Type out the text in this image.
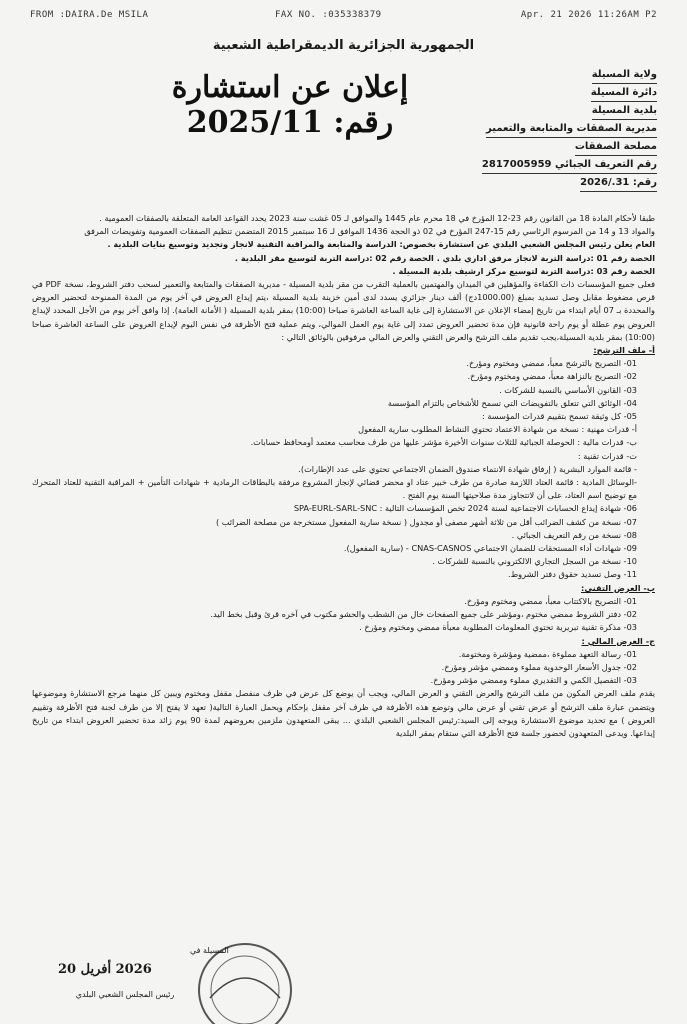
FROM :DAIRA.De MSILA	FAX NO. :035338379	Apr. 21 2026 11:26AM P2
الجمهورية الجزائرية الديمقراطية الشعبية
ولاية المسيلة
دائرة المسيلة
بلدية المسيلة
مديرية الصفقات والمتابعة والتعمير
مصلحة الصفقات
رقم التعريف الجبائي 2817005959
رقم: 31./2026
إعلان عن استشارة رقم: 2025/11

طبقا لأحكام المادة 18 من القانون رقم 23-12 المؤرخ في 18 محرم عام 1445 والموافق لـ 05 غشت سنة 2023 يحدد القواعد العامة المتعلقة بالصفقات العمومية .

والمواد 13 و 14 من المرسوم الرئاسي رقم 15-247 المؤرخ في 02 ذو الحجة 1436 الموافق لـ 16 سبتمبر 2015 المتضمن تنظيم الصفقات العمومية وتفويضات المرفق

العام يعلن رئيس المجلس الشعبي البلدي عن استشارة بخصوص: الدراسة والمتابعة والمراقبة التقنية لانجاز وتجديد وتوسيع بنايات البلدية .

الحصة رقم 01 :دراسة التربة لانجاز مرفق اداري بلدي . الحصة رقم 02 :دراسة التربة لتوسيع مقر البلدية .

الحصة رقم 03 :دراسة التربة لتوسيع مركز ارشيف بلدية المسيلة .

فعلى جميع المؤسسات ذات الكفاءة والمؤهلين في الميدان والمهتمين بالعملية التقرب من مقر بلدية المسيلة - مديرية الصفقات والمتابعة والتعمير لسحب دفتر الشروط، نسخة PDF في قرص مضغوط مقابل وصل تسديد بمبلغ (1000.00دج) ألف دينار جزائري يسدد لدى أمين خزينة بلدية المسيلة ،يتم إيداع العروض في آخر يوم من المدة الممنوحة لتحضير العروض والمحددة بـ 07 أيام ابتداء من تاريخ إمضاء الإعلان عن الاستشارة إلى غاية الساعة العاشرة صباحا (10:00) بمقر بلدية المسيلة ( الأمانة العامة). إذا وافق آخر يوم من الأجل المحدد لإيداع العروض يوم عطلة أو يوم راحة قانونية فإن مدة تحضير العروض تمدد إلى غاية يوم العمل الموالي، ويتم عملية فتح الأظرفة في نفس اليوم لإيداع العروض على الساعة العاشرة صباحا (10:00) بمقر بلدية المسيلة،يجب تقديم ملف الترشح والعرض التقني والعرض المالي مرفوقين بالوثائق التالي :

أ- ملف الترشح:

01- التصريح بالترشح معبأ، ممضي ومختوم ومؤرخ.

02- التصريح بالنزاهة معبأ، ممضي ومختوم ومؤرخ.

03- القانون الأساسي بالنسبة للشركات .

04- الوثائق التي تتعلق بالتفويضات التي تسمح للأشخاص بالتزام المؤسسة

05- كل وثيقة تسمح بتقييم قدرات المؤسسة :

أ- قدرات مهنية : نسخة من شهادة الاعتماد تحتوي النشاط المطلوب سارية المفعول

ب- قدرات مالية : الحوصلة الجبائية للثلاث سنوات الأخيرة مؤشر عليها من طرف محاسب معتمد أومحافظ حسابات.

ت- قدرات تقنية :

- قائمة الموارد البشرية ( إرفاق شهادة الانتماء صندوق الضمان الاجتماعي تحتوي على عدد الإطارات).

-الوسائل المادية : قائمة العتاد اللازمة صادرة من طرف خبير عتاد او محضر قضائي لإنجاز المشروع مرفقة بالبطاقات الرمادية + شهادات التأمين + المراقبة التقنية للعتاد المتحرك مع توضيح اسم العتاد، على أن لاتتجاوز مدة صلاحيتها السنة يوم الفتح .

06- شهادة إيداع الحسابات الاجتماعية لسنة 2024 تخص المؤسسات التالية : SPA-EURL-SARL-SNC

07- نسخة من كشف الضرائب أقل من ثلاثة أشهر مصفى أو مجدول ( نسخة سارية المفعول مستخرجة من مصلحة الضرائب )

08- نسخة من رقم التعريف الجبائي .

09- شهادات أداء المستحقات للضمان الاجتماعي CNAS-CASNOS - (سارية المفعول).

10- نسخة من السجل التجاري الالكتروني بالنسبة للشركات .

11- وصل تسديد حقوق دفتر الشروط.

ب- العرض التقني:

01- التصريح بالاكتتاب معبأ، ممضي ومختوم ومؤرخ.

02- دفتر الشروط ممضي مختوم ،ومؤشر على جميع الصفحات خال من الشطب والحشو مكتوب في آخره قرئ وقبل بخط اليد.

03- مذكرة تقنية تبريرية تحتوي المعلومات المطلوبة معبأة ممضي ومختوم ومؤرخ .

ج- العرض المالي :

01- رسالة التعهد مملوءة ،ممضية ومؤشرة ومختومة.

02- جدول الأسعار الوحدوية مملوء وممضي مؤشر ومؤرخ.

03- التفصيل الكمي و التقديري مملوء وممضي مؤشر ومؤرخ.

يقدم ملف العرض المكون من ملف الترشح والعرض التقني و العرض المالي، ويجب أن يوضع كل عرض في ظرف منفصل مقفل ومختوم ويبين كل منهما مرجع الاستشارة وموضوعها ويتضمن عبارة ملف الترشح أو عرض تقني أو عرض مالي وتوضع هذه الأظرفة في ظرف آخر مقفل بإحكام ويحمل العبارة التالية( تعهد لا يفتح إلا من طرف لجنة فتح الأظرفة وتقييم العروض ) مع تحديد موضوع الاستشارة ويوجه إلى السيد:رئيس المجلس الشعبي البلدي ... يبقى المتعهدون ملزمين بعروضهم لمدة 90 يوم زائد مدة تحضير العروض ابتداء من تاريخ إيداعها. ويدعى المتعهدون لحضور جلسة فتح الأظرفة التي ستقام بمقر البلدية

2026 أفريل 20
رئيس المجلس الشعبي البلدي
المسيلة في
